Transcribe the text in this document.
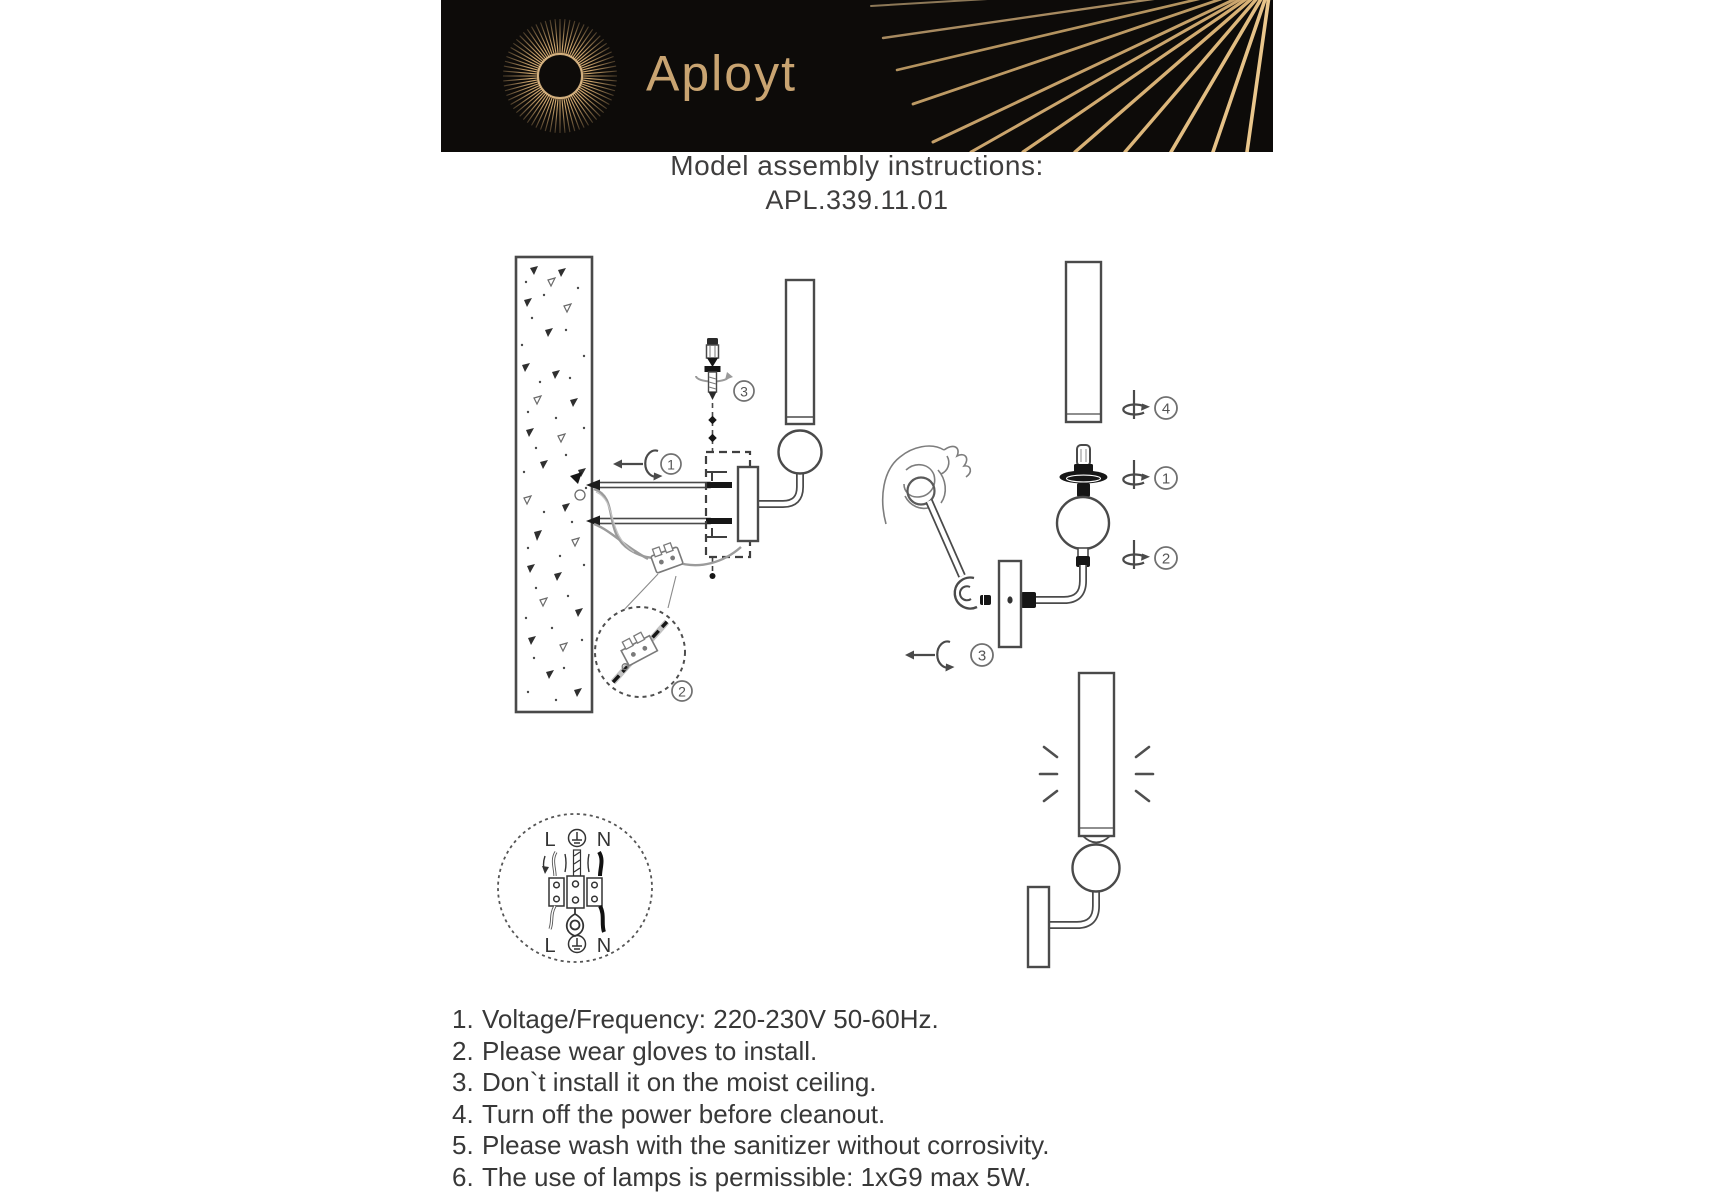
Aployt
Model assembly instructions:
APL.339.11.01
1
3
2
4
1
2
3
L N
L N
1. Voltage/Frequency: 220-230V 50-60Hz.
2. Please wear gloves to install.
3. Don`t install it on the moist ceiling.
4. Turn off the power before cleanout.
5. Please wash with the sanitizer without corrosivity.
6. The use of lamps is permissible: 1xG9 max 5W.
